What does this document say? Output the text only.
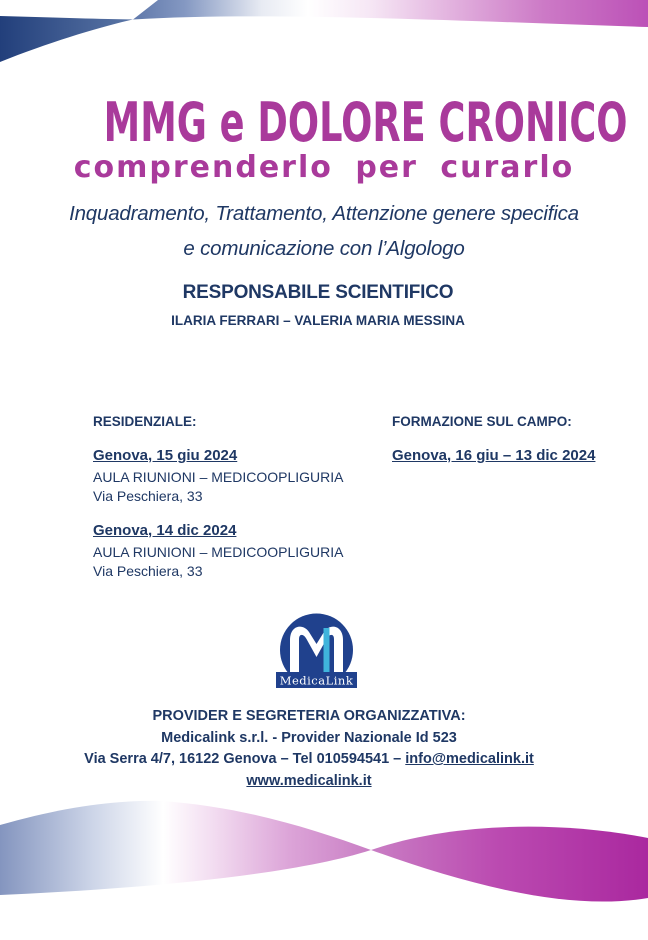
MMG e DOLORE CRONICO
comprenderlo per curarlo
Inquadramento, Trattamento, Attenzione genere specifica
e comunicazione con l’Algologo
RESPONSABILE SCIENTIFICO
ILARIA FERRARI – VALERIA MARIA MESSINA
RESIDENZIALE:
Genova, 15 giu 2024
AULA RIUNIONI – MEDICOOPLIGURIA
Via Peschiera, 33
Genova, 14 dic 2024
AULA RIUNIONI – MEDICOOPLIGURIA
Via Peschiera, 33
FORMAZIONE SUL CAMPO:
Genova, 16 giu – 13 dic 2024
MedicaLink
PROVIDER E SEGRETERIA ORGANIZZATIVA:
Medicalink s.r.l. - Provider Nazionale Id 523
Via Serra 4/7, 16122 Genova – Tel 010594541 – info@medicalink.it
www.medicalink.it
